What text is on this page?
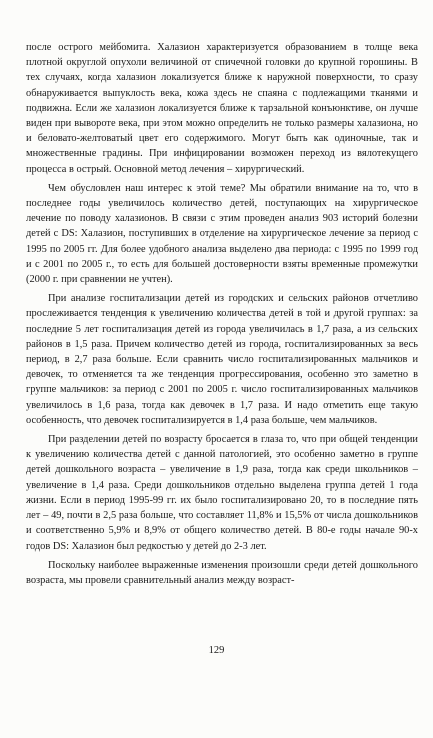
после острого мейбомита. Халазион характеризуется образованием в толще века плотной округлой опухоли величиной от спичечной головки до крупной горошины. В тех случаях, когда халазион локализуется ближе к наружной поверхности, то сразу обнаруживается выпуклость века, кожа здесь не спаяна с подлежащими тканями и подвижна. Если же халазион локализуется ближе к тарзальной конъюнктиве, он лучше виден при вывороте века, при этом можно определить не только размеры халазиона, но и беловато-желтоватый цвет его содержимого. Могут быть как одиночные, так и множественные градины. При инфицировании возможен переход из вялотекущего процесса в острый. Основной метод лечения – хирургический.

Чем обусловлен наш интерес к этой теме? Мы обратили внимание на то, что в последнее годы увеличилось количество детей, поступающих на хирургическое лечение по поводу халазионов. В связи с этим проведен анализ 903 историй болезни детей с DS: Халазион, поступивших в отделение на хирургическое лечение за период с 1995 по 2005 гг. Для более удобного анализа выделено два периода: с 1995 по 1999 год и с 2001 по 2005 г., то есть для большей достоверности взяты временные промежутки (2000 г. при сравнении не учтен).

При анализе госпитализации детей из городских и сельских районов отчетливо прослеживается тенденция к увеличению количества детей в той и другой группах: за последние 5 лет госпитализация детей из города увеличилась в 1,7 раза, а из сельских районов в 1,5 раза. Причем количество детей из города, госпитализированных за весь период, в 2,7 раза больше. Если сравнить число госпитализированных мальчиков и девочек, то отменяется та же тенденция прогрессирования, особенно это заметно в группе мальчиков: за период с 2001 по 2005 г. число госпитализированных мальчиков увеличилось в 1,6 раза, тогда как девочек в 1,7 раза. И надо отметить еще такую особенность, что девочек госпитализируется в 1,4 раза больше, чем мальчиков.

При разделении детей по возрасту бросается в глаза то, что при общей тенденции к увеличению количества детей с данной патологией, это особенно заметно в группе детей дошкольного возраста – увеличение в 1,9 раза, тогда как среди школьников – увеличение в 1,4 раза. Среди дошкольников отдельно выделена группа детей 1 года жизни. Если в период 1995-99 гг. их было госпитализировано 20, то в последние пять лет – 49, почти в 2,5 раза больше, что составляет 11,8% и 15,5% от числа дошкольников и соответственно 5,9% и 8,9% от общего количество детей. В 80-е годы начале 90-х годов DS: Халазион был редкостью у детей до 2-3 лет.

Поскольку наиболее выраженные изменения произошли среди детей дошкольного возраста, мы провели сравнительный анализ между возраст-

129
